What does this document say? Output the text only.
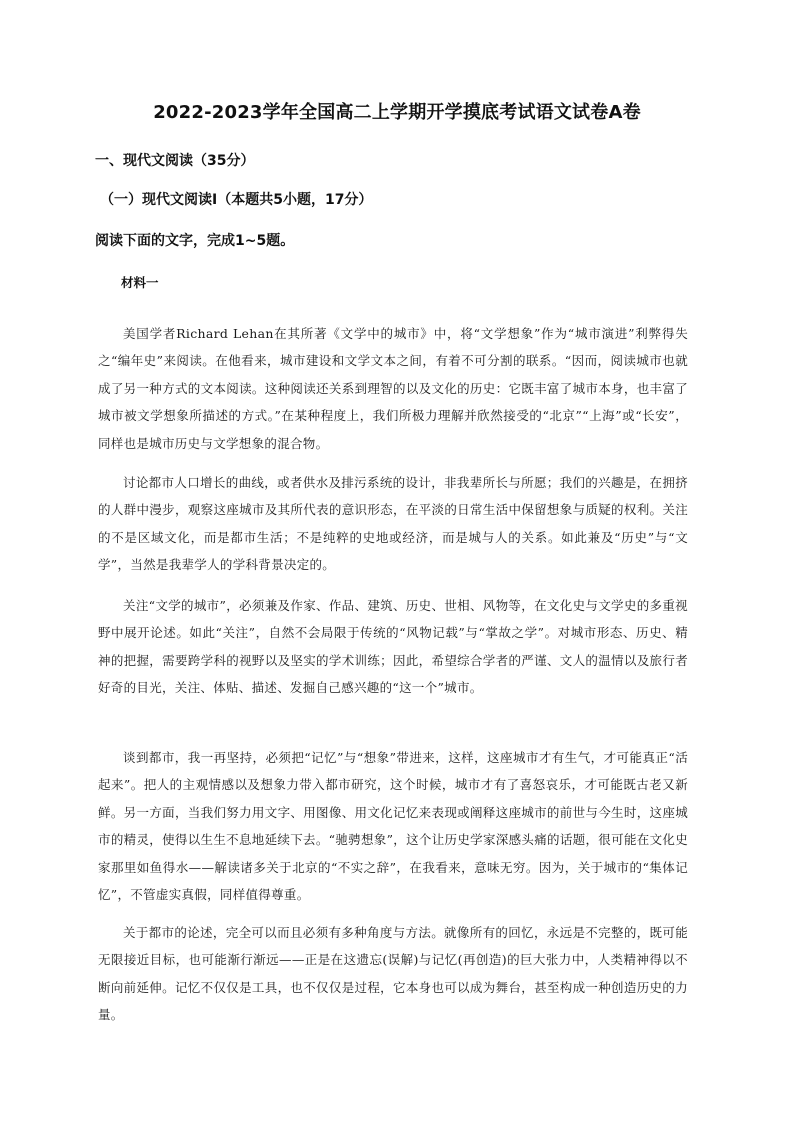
2022-2023学年全国高二上学期开学摸底考试语文试卷A卷
一、现代文阅读（35分）
（一）现代文阅读Ⅰ（本题共5小题，17分）
阅读下面的文字，完成1~5题。
材料一

美国学者Richard Lehan在其所著《文学中的城市》中，将“文学想象”作为“城市演进”利弊得失之“编年史”来阅读。在他看来，城市建设和文学文本之间，有着不可分割的联系。“因而，阅读城市也就成了另一种方式的文本阅读。这种阅读还关系到理智的以及文化的历史：它既丰富了城市本身，也丰富了城市被文学想象所描述的方式。”在某种程度上，我们所极力理解并欣然接受的“北京”“上海”或“长安”，同样也是城市历史与文学想象的混合物。

讨论都市人口增长的曲线，或者供水及排污系统的设计，非我辈所长与所愿；我们的兴趣是，在拥挤的人群中漫步，观察这座城市及其所代表的意识形态，在平淡的日常生活中保留想象与质疑的权利。关注的不是区域文化，而是都市生活；不是纯粹的史地或经济，而是城与人的关系。如此兼及“历史”与“文学”，当然是我辈学人的学科背景决定的。

关注“文学的城市”，必须兼及作家、作品、建筑、历史、世相、风物等，在文化史与文学史的多重视野中展开论述。如此“关注”，自然不会局限于传统的“风物记载”与“掌故之学”。对城市形态、历史、精神的把握，需要跨学科的视野以及坚实的学术训练；因此，希望综合学者的严谨、文人的温情以及旅行者好奇的目光，关注、体贴、描述、发掘自己感兴趣的“这一个”城市。

谈到都市，我一再坚持，必须把“记忆”与“想象”带进来，这样，这座城市才有生气，才可能真正“活起来”。把人的主观情感以及想象力带入都市研究，这个时候，城市才有了喜怒哀乐，才可能既古老又新鲜。另一方面，当我们努力用文字、用图像、用文化记忆来表现或阐释这座城市的前世与今生时，这座城市的精灵，使得以生生不息地延续下去。“驰骋想象”，这个让历史学家深感头痛的话题，很可能在文化史家那里如鱼得水——解读诸多关于北京的“不实之辞”，在我看来，意味无穷。因为，关于城市的“集体记忆”，不管虚实真假，同样值得尊重。

关于都市的论述，完全可以而且必须有多种角度与方法。就像所有的回忆，永远是不完整的，既可能无限接近目标，也可能渐行渐远——正是在这遗忘(误解)与记忆(再创造)的巨大张力中，人类精神得以不断向前延伸。记忆不仅仅是工具，也不仅仅是过程，它本身也可以成为舞台，甚至构成一种创造历史的力量。
